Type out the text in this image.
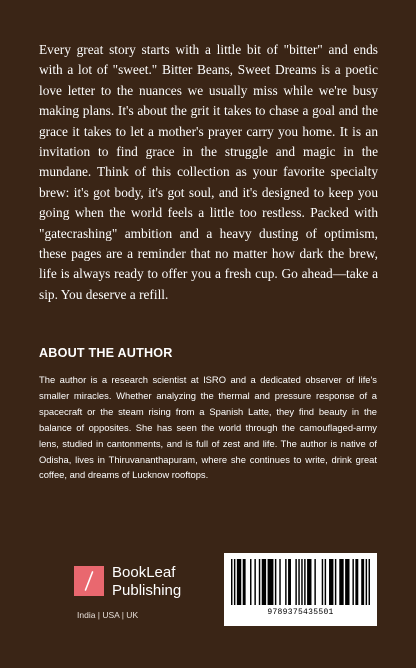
Every great story starts with a little bit of "bitter" and ends with a lot of "sweet." Bitter Beans, Sweet Dreams is a poetic love letter to the nuances we usually miss while we're busy making plans. It's about the grit it takes to chase a goal and the grace it takes to let a mother's prayer carry you home. It is an invitation to find grace in the struggle and magic in the mundane. Think of this collection as your favorite specialty brew: it's got body, it's got soul, and it's designed to keep you going when the world feels a little too restless. Packed with "gatecrashing" ambition and a heavy dusting of optimism, these pages are a reminder that no matter how dark the brew, life is always ready to offer you a fresh cup. Go ahead—take a sip. You deserve a refill.

ABOUT THE AUTHOR

The author is a research scientist at ISRO and a dedicated observer of life's smaller miracles. Whether analyzing the thermal and pressure response of a spacecraft or the steam rising from a Spanish Latte, they find beauty in the balance of opposites. She has seen the world through the camouflaged-army lens, studied in cantonments, and is full of zest and life. The author is native of Odisha, lives in Thiruvananthapuram, where she continues to write, drink great coffee, and dreams of Lucknow rooftops.

BookLeaf
Publishing
India | USA | UK	9789375435501
